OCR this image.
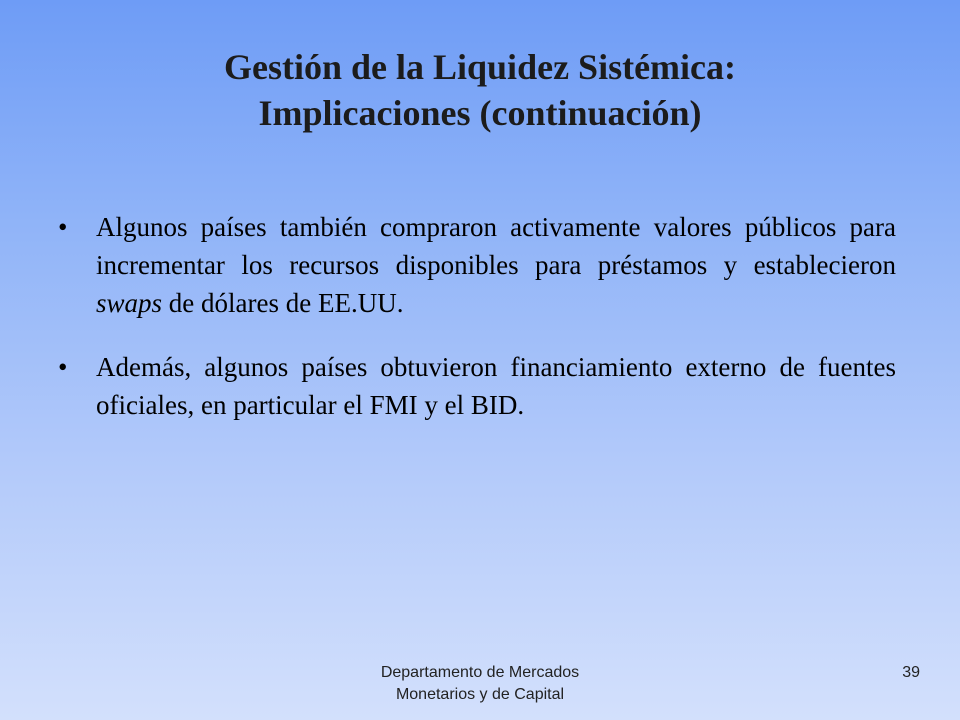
Gestión de la Liquidez Sistémica:
Implicaciones (continuación)
• Algunos países también compraron activamente valores públicos para incrementar los recursos disponibles para préstamos y establecieron swaps de dólares de EE.UU.
• Además, algunos países obtuvieron financiamiento externo de fuentes oficiales, en particular el FMI y el BID.
Departamento de Mercados
Monetarios y de Capital
39
